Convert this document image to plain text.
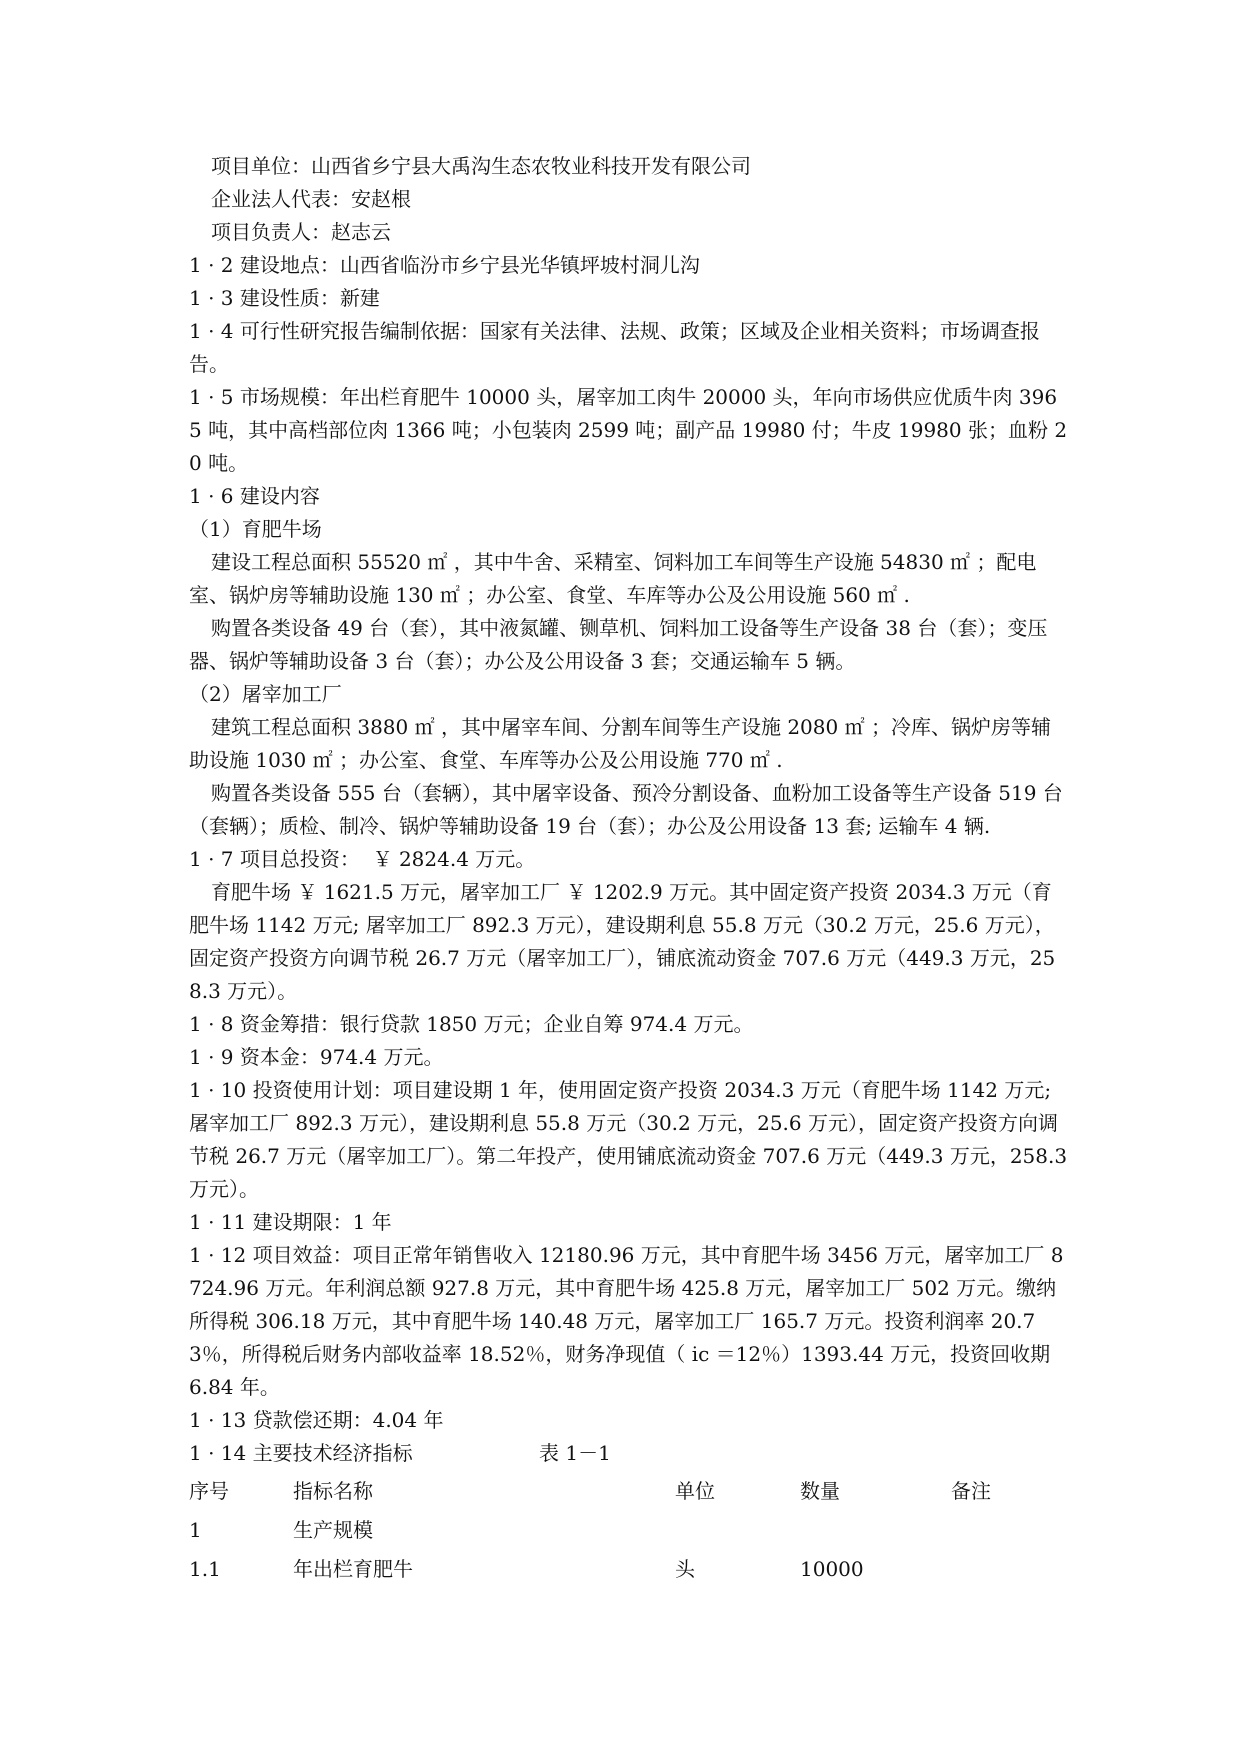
项目单位：山西省乡宁县大禹沟生态农牧业科技开发有限公司

企业法人代表：安赵根

项目负责人：赵志云

1 · 2 建设地点：山西省临汾市乡宁县光华镇坪坡村洞儿沟

1 · 3 建设性质：新建

1 · 4 可行性研究报告编制依据：国家有关法律、法规、政策；区域及企业相关资料；市场调查报告。

1 · 5 市场规模：年出栏育肥牛 10000 头，屠宰加工肉牛 20000 头，年向市场供应优质牛肉 3965 吨，其中高档部位肉 1366 吨；小包装肉 2599 吨；副产品 19980 付；牛皮 19980 张；血粉 20 吨。

1 · 6 建设内容

（1）育肥牛场

建设工程总面积 55520 ㎡ ，其中牛舍、采精室、饲料加工车间等生产设施 54830 ㎡ ；配电室、锅炉房等辅助设施 130 ㎡ ；办公室、食堂、车库等办公及公用设施 560 ㎡ .

购置各类设备 49 台（套），其中液氮罐、铡草机、饲料加工设备等生产设备 38 台（套）；变压器、锅炉等辅助设备 3 台（套）；办公及公用设备 3 套；交通运输车 5 辆。

（2）屠宰加工厂

建筑工程总面积 3880 ㎡ ，其中屠宰车间、分割车间等生产设施 2080 ㎡ ；冷库、锅炉房等辅助设施 1030 ㎡ ；办公室、食堂、车库等办公及公用设施 770 ㎡ .

购置各类设备 555 台（套辆），其中屠宰设备、预冷分割设备、血粉加工设备等生产设备 519 台（套辆）；质检、制冷、锅炉等辅助设备 19 台（套）；办公及公用设备 13 套; 运输车 4 辆.

1 · 7 项目总投资：  ￥ 2824.4 万元。

育肥牛场 ￥ 1621.5 万元，屠宰加工厂 ￥ 1202.9 万元。其中固定资产投资 2034.3 万元（育肥牛场 1142 万元; 屠宰加工厂 892.3 万元），建设期利息 55.8 万元（30.2 万元，25.6 万元），固定资产投资方向调节税 26.7 万元（屠宰加工厂），铺底流动资金 707.6 万元（449.3 万元，258.3 万元）。

1 · 8 资金筹措：银行贷款 1850 万元；企业自筹 974.4 万元。

1 · 9 资本金：974.4 万元。

1 · 10 投资使用计划：项目建设期 1 年，使用固定资产投资 2034.3 万元（育肥牛场 1142 万元; 屠宰加工厂 892.3 万元），建设期利息 55.8 万元（30.2 万元，25.6 万元），固定资产投资方向调节税 26.7 万元（屠宰加工厂）。第二年投产，使用铺底流动资金 707.6 万元（449.3 万元，258.3 万元）。

1 · 11 建设期限：1 年

1 · 12 项目效益：项目正常年销售收入 12180.96 万元，其中育肥牛场 3456 万元，屠宰加工厂 8724.96 万元。年利润总额 927.8 万元，其中育肥牛场 425.8 万元，屠宰加工厂 502 万元。缴纳所得税 306.18 万元，其中育肥牛场 140.48 万元，屠宰加工厂 165.7 万元。投资利润率 20.73％，所得税后财务内部收益率 18.52％，财务净现值（ ic ＝12％）1393.44 万元，投资回收期 6.84 年。

1 · 13 贷款偿还期：4.04 年

1 · 14 主要技术经济指标	表 1－1

序号	指标名称	单位	数量	备注
1	生产规模
1.1	年出栏育肥牛	头	10000
